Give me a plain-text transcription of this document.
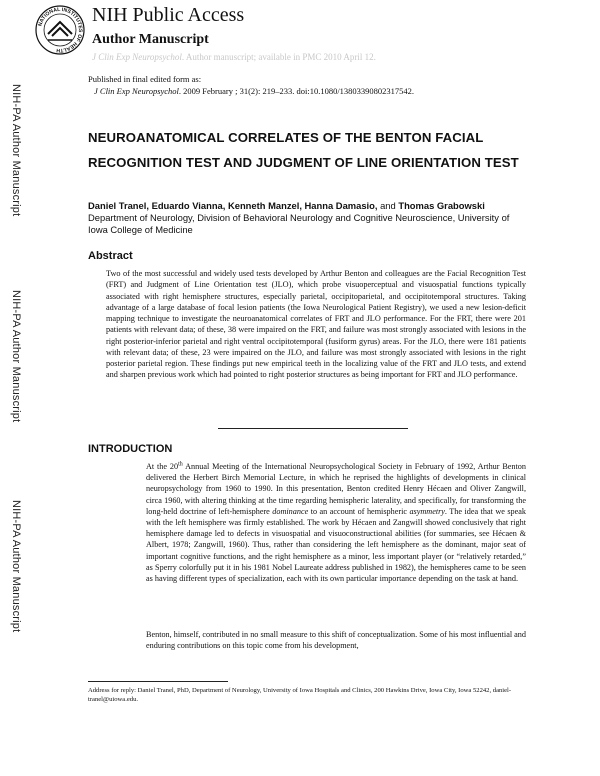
NATIONAL INSTITUTES OF HEALTH
NIH Public Access
Author Manuscript
J Clin Exp Neuropsychol. Author manuscript; available in PMC 2010 April 12.
NIH-PA Author Manuscript
NIH-PA Author Manuscript
NIH-PA Author Manuscript
Published in final edited form as:
J Clin Exp Neuropsychol. 2009 February ; 31(2): 219–233. doi:10.1080/13803390802317542.
NEUROANATOMICAL CORRELATES OF THE BENTON FACIAL RECOGNITION TEST AND JUDGMENT OF LINE ORIENTATION TEST
Daniel Tranel, Eduardo Vianna, Kenneth Manzel, Hanna Damasio, and Thomas Grabowski
Department of Neurology, Division of Behavioral Neurology and Cognitive Neuroscience, University of Iowa College of Medicine
Abstract
Two of the most successful and widely used tests developed by Arthur Benton and colleagues are the Facial Recognition Test (FRT) and Judgment of Line Orientation test (JLO), which probe visuoperceptual and visuospatial functions typically associated with right hemisphere structures, especially parietal, occipitoparietal, and occipitotemporal structures. Taking advantage of a large database of focal lesion patients (the Iowa Neurological Patient Registry), we used a new lesion-deficit mapping technique to investigate the neuroanatomical correlates of FRT and JLO performance. For the FRT, there were 201 patients with relevant data; of these, 38 were impaired on the FRT, and failure was most strongly associated with lesions in the right posterior-inferior parietal and right ventral occipitotemporal (fusiform gyrus) areas. For the JLO, there were 181 patients with relevant data; of these, 23 were impaired on the JLO, and failure was most strongly associated with lesions in the right posterior parietal region. These findings put new empirical teeth in the localizing value of the FRT and JLO tests, and extend and sharpen previous work which had pointed to right posterior structures as being important for FRT and JLO performance.
INTRODUCTION
At the 20th Annual Meeting of the International Neuropsychological Society in February of 1992, Arthur Benton delivered the Herbert Birch Memorial Lecture, in which he reprised the highlights of developments in clinical neuropsychology from 1960 to 1990. In this presentation, Benton credited Henry Hécaen and Oliver Zangwill, circa 1960, with altering thinking at the time regarding hemispheric laterality, and specifically, for transforming the long-held doctrine of left-hemisphere dominance to an account of hemispheric asymmetry. The idea that we speak with the left hemisphere was firmly established. The work by Hécaen and Zangwill showed conclusively that right hemisphere damage led to defects in visuospatial and visuoconstructional abilities (for summaries, see Hécaen & Albert, 1978; Zangwill, 1960). Thus, rather than considering the left hemisphere as the dominant, major seat of important cognitive functions, and the right hemisphere as a minor, less important player (or “relatively retarded,” as Sperry colorfully put it in his 1981 Nobel Laureate address published in 1982), the hemispheres came to be seen as having different types of specialization, each with its own particular importance depending on the task at hand.
Benton, himself, contributed in no small measure to this shift of conceptualization. Some of his most influential and enduring contributions on this topic come from his development,
Address for reply: Daniel Tranel, PhD, Department of Neurology, University of Iowa Hospitals and Clinics, 200 Hawkins Drive, Iowa City, Iowa 52242, daniel-tranel@uiowa.edu.
